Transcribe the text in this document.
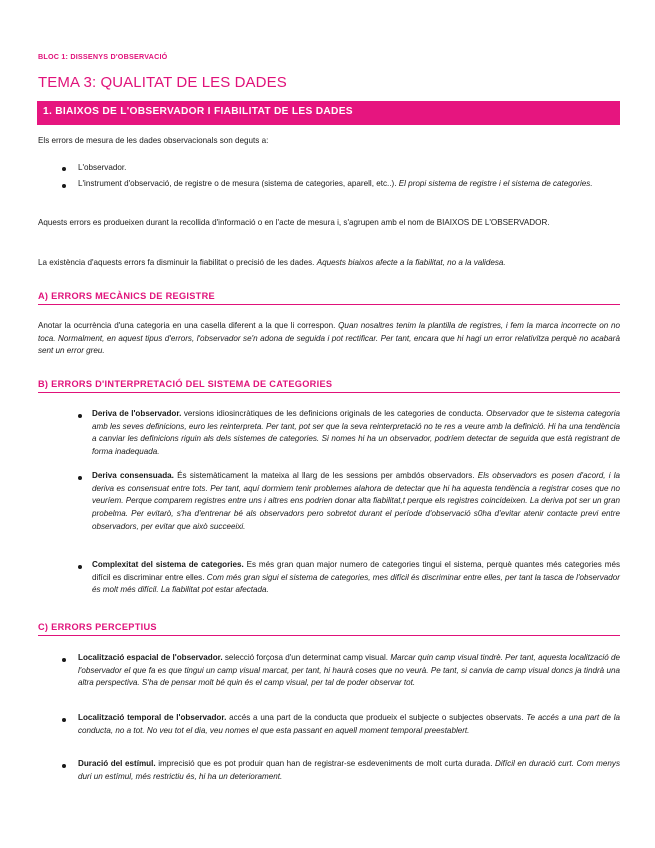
BLOC 1: DISSENYS D'OBSERVACIÓ
TEMA 3: QUALITAT DE LES DADES
1. BIAIXOS DE L'OBSERVADOR I FIABILITAT DE LES DADES
Els errors de mesura de les dades observacionals son deguts a:
L'observador.
L'instrument d'observació, de registre o de mesura (sistema de categories, aparell, etc..). El propi sistema de registre i el sistema de categories.
Aquests errors es produeixen durant la recollida d'informació o en l'acte de mesura i, s'agrupen amb el nom de BIAIXOS DE L'OBSERVADOR.
La existència d'aquests errors fa disminuir la fiabilitat o precisió de les dades. Aquests biaixos afecte a la fiabilitat, no a la validesa.
A) ERRORS MECÀNICS DE REGISTRE
Anotar la ocurrència d'una categoria en una casella diferent a la que li correspon. Quan nosaltres tenim la plantilla de registres, i fem la marca incorrecte on no toca. Normalment, en aquest tipus d'errors, l'observador se'n adona de seguida i pot rectificar. Per tant, encara que hi hagi un error relativitza perquè no acabarà sent un error greu.
B) ERRORS D'INTERPRETACIÓ DEL SISTEMA DE CATEGORIES
Deriva de l'observador. versions idiosincràtiques de les definicions originals de les categories de conducta. Observador que te sistema categoria amb les seves definicions, euro les reinterpreta. Per tant, pot ser que la seva reinterpretació no te res a veure amb la definició. Hi ha una tendència a canviar les definicions riguin als dels sistemes de categories. Si nomes hi ha un observador, podríem detectar de seguida que està registrant de forma inadequada.
Deriva consensuada. És sistemàticament la mateixa al llarg de les sessions per ambdós observadors. Els observadors es posen d'acord, i la deriva es consensuat entre tots. Per tant, aquí dormiem tenir problemes alahora de detectar que hi ha aquesta tendència a registrar coses que no veuríem. Perque comparem registres entre uns i altres ens podrien donar alta fiabilitat,t perque els registres coincideixen. La deriva pot ser un gran probelma. Per evitarò, s'ha d'entrenar bé als observadors pero sobretot durant el període d'observació s0ha d'evitar atenir contacte previ entre observadors, per evitar que això succeeixi.
Complexitat del sistema de categories. Es més gran quan major numero de categories tingui el sistema, perquè quantes més categories més difícil es discriminar entre elles. Com més gran sigui el sistema de categories, mes difícil és discriminar entre elles, per tant la tasca de l'observador és molt més difícil. La fiabilitat pot estar afectada.
C) ERRORS PERCEPTIUS
Localització espacial de l'observador. selecció forçosa d'un determinat camp visual. Marcar quin camp visual tindrè. Per tant, aquesta localització de l'observador el que fa es que tingui un camp visual marcat, per tant, hi haurà coses que no veurà. Pe tant, si canvia de camp visual doncs ja tindrà una altra perspectiva. S'ha de pensar molt bé quin és el camp visual, per tal de poder observar tot.
Localització temporal de l'observador. accés a una part de la conducta que produeix el subjecte o subjectes observats. Te accés a una part de la conducta, no a tot. No veu tot el dia, veu nomes el que esta passant en aquell moment temporal preestablert.
Duració del estímul. imprecisió que es pot produir quan han de registrar-se esdeveniments de molt curta durada. Difícil en duració curt. Com menys duri un estímul, més restrictiu és, hi ha un deteriorament.
